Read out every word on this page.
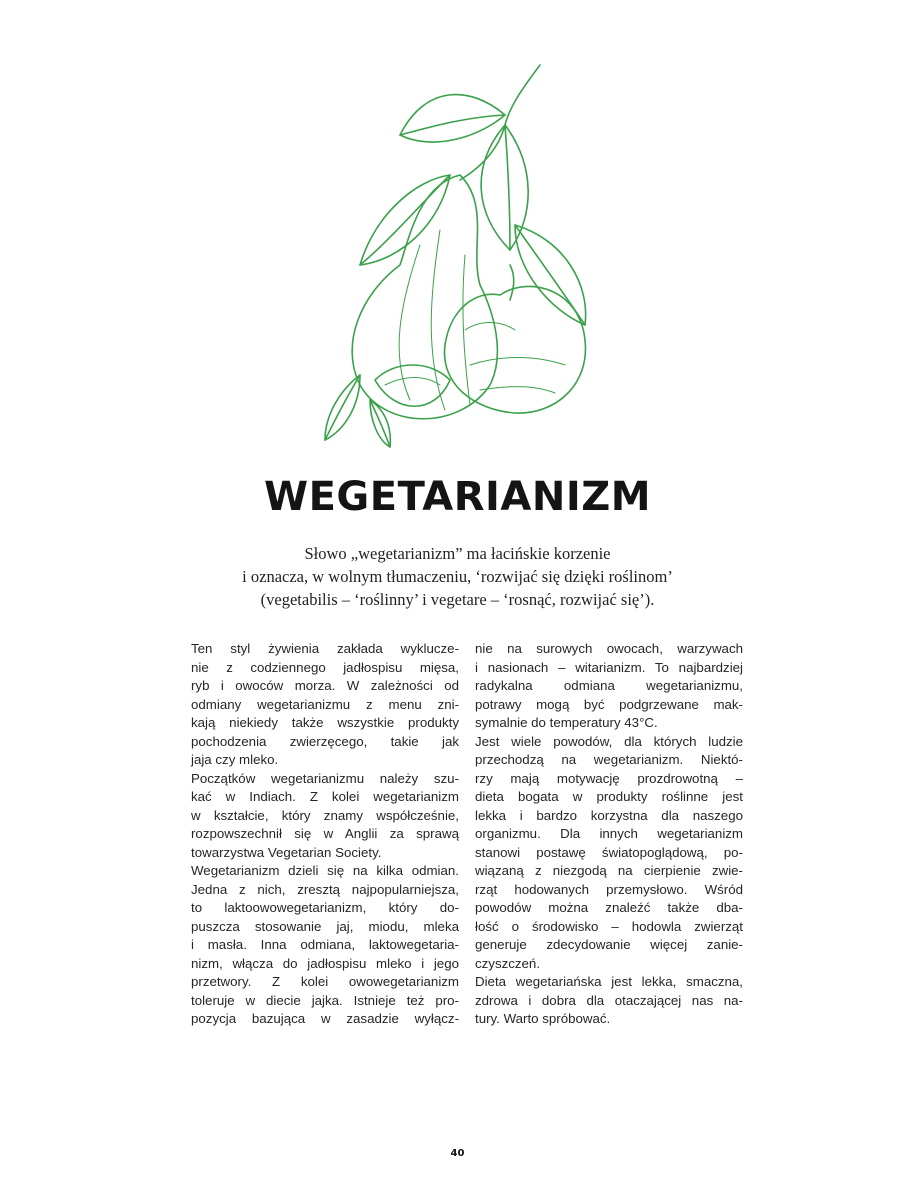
WEGETARIANIZM
Słowo „wegetarianizm” ma łacińskie korzenie
i oznacza, w wolnym tłumaczeniu, ‘rozwijać się dzięki roślinom’
(vegetabilis – ‘roślinny’ i vegetare – ‘rosnąć, rozwijać się’).
Ten styl żywienia zakłada wyklucze-
nie z codziennego jadłospisu mięsa,
ryb i owoców morza. W zależności od
odmiany wegetarianizmu z menu zni-
kają niekiedy także wszystkie produkty
pochodzenia zwierzęcego, takie jak
jaja czy mleko.
Początków wegetarianizmu należy szu-
kać w Indiach. Z kolei wegetarianizm
w kształcie, który znamy współcześnie,
rozpowszechnił się w Anglii za sprawą
towarzystwa Vegetarian Society.
Wegetarianizm dzieli się na kilka odmian.
Jedna z nich, zresztą najpopularniejsza,
to laktoowowegetarianizm, który do-
puszcza stosowanie jaj, miodu, mleka
i masła. Inna odmiana, laktowegetaria-
nizm, włącza do jadłospisu mleko i jego
przetwory. Z kolei owowegetarianizm
toleruje w diecie jajka. Istnieje też pro-
pozycja bazująca w zasadzie wyłącz-
nie na surowych owocach, warzywach
i nasionach – witarianizm. To najbardziej
radykalna odmiana wegetarianizmu,
potrawy mogą być podgrzewane mak-
symalnie do temperatury 43°C.
Jest wiele powodów, dla których ludzie
przechodzą na wegetarianizm. Niektó-
rzy mają motywację prozdrowotną –
dieta bogata w produkty roślinne jest
lekka i bardzo korzystna dla naszego
organizmu. Dla innych wegetarianizm
stanowi postawę światopoglądową, po-
wiązaną z niezgodą na cierpienie zwie-
rząt hodowanych przemysłowo. Wśród
powodów można znaleźć także dba-
łość o środowisko – hodowla zwierząt
generuje zdecydowanie więcej zanie-
czyszczeń.
Dieta wegetariańska jest lekka, smaczna,
zdrowa i dobra dla otaczającej nas na-
tury. Warto spróbować.
40
